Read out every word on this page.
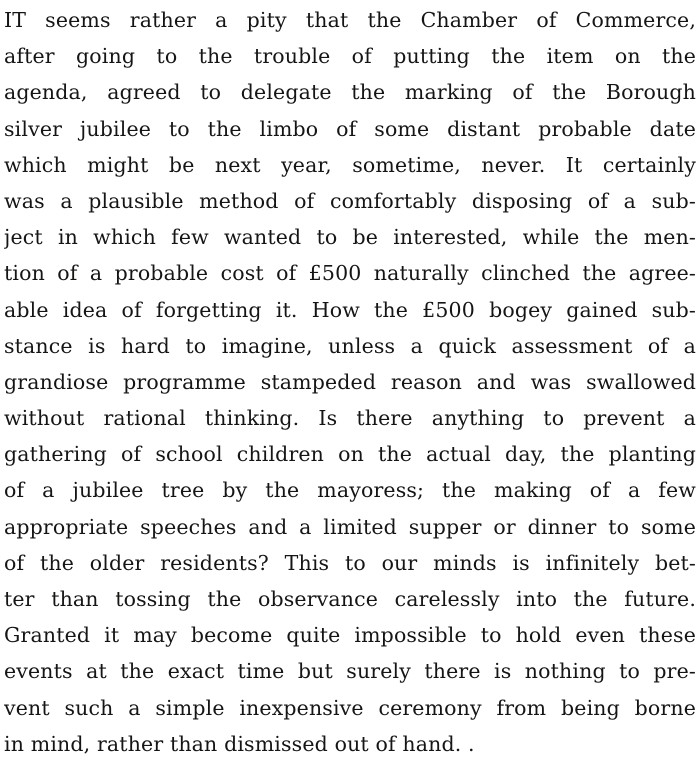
IT seems rather a pity that the Chamber of Commerce,
after going to the trouble of putting the item on the
agenda, agreed to delegate the marking of the Borough
silver jubilee to the limbo of some distant probable date
which might be next year, sometime, never. It certainly
was a plausible method of comfortably disposing of a sub-
ject in which few wanted to be interested, while the men-
tion of a probable cost of £500 naturally clinched the agree-
able idea of forgetting it. How the £500 bogey gained sub-
stance is hard to imagine, unless a quick assessment of a
grandiose programme stampeded reason and was swallowed
without rational thinking. Is there anything to prevent a
gathering of school children on the actual day, the planting
of a jubilee tree by the mayoress; the making of a few
appropriate speeches and a limited supper or dinner to some
of the older residents? This to our minds is infinitely bet-
ter than tossing the observance carelessly into the future.
Granted it may become quite impossible to hold even these
events at the exact time but surely there is nothing to pre-
vent such a simple inexpensive ceremony from being borne
in mind, rather than dismissed out of hand. .
